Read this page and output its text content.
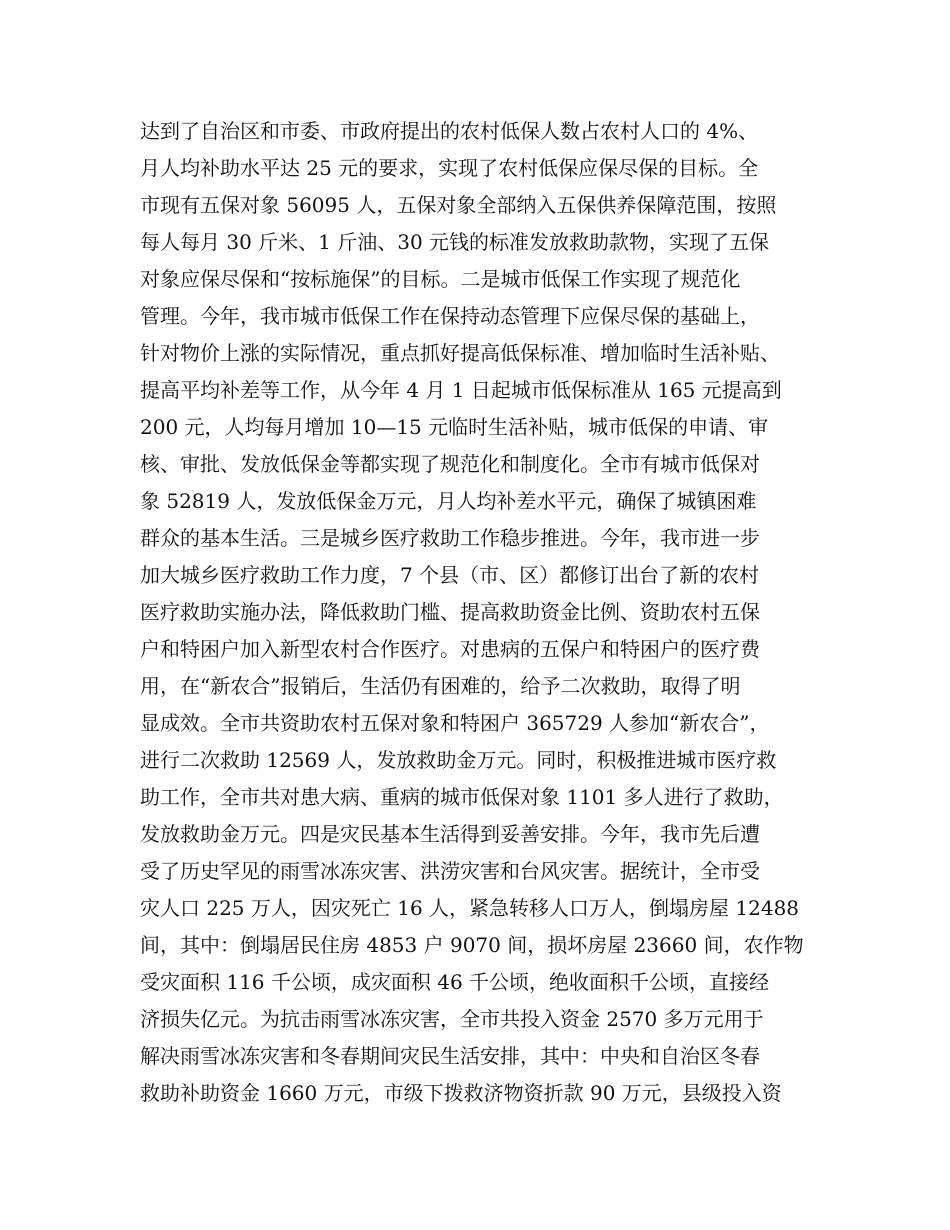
达到了自治区和市委、市政府提出的农村低保人数占农村人口的 4%、
月人均补助水平达 25 元的要求，实现了农村低保应保尽保的目标。全
市现有五保对象 56095 人，五保对象全部纳入五保供养保障范围，按照
每人每月 30 斤米、1 斤油、30 元钱的标准发放救助款物，实现了五保
对象应保尽保和“按标施保”的目标。二是城市低保工作实现了规范化
管理。今年，我市城市低保工作在保持动态管理下应保尽保的基础上，
针对物价上涨的实际情况，重点抓好提高低保标准、增加临时生活补贴、
提高平均补差等工作，从今年 4 月 1 日起城市低保标准从 165 元提高到
200 元，人均每月增加 10—15 元临时生活补贴，城市低保的申请、审
核、审批、发放低保金等都实现了规范化和制度化。全市有城市低保对
象 52819 人，发放低保金万元，月人均补差水平元，确保了城镇困难
群众的基本生活。三是城乡医疗救助工作稳步推进。今年，我市进一步
加大城乡医疗救助工作力度，7 个县（市、区）都修订出台了新的农村
医疗救助实施办法，降低救助门槛、提高救助资金比例、资助农村五保
户和特困户加入新型农村合作医疗。对患病的五保户和特困户的医疗费
用，在“新农合”报销后，生活仍有困难的，给予二次救助，取得了明
显成效。全市共资助农村五保对象和特困户 365729 人参加“新农合”，
进行二次救助 12569 人，发放救助金万元。同时，积极推进城市医疗救
助工作，全市共对患大病、重病的城市低保对象 1101 多人进行了救助，
发放救助金万元。四是灾民基本生活得到妥善安排。今年，我市先后遭
受了历史罕见的雨雪冰冻灾害、洪涝灾害和台风灾害。据统计，全市受
灾人口 225 万人，因灾死亡 16 人，紧急转移人口万人，倒塌房屋 12488
间，其中：倒塌居民住房 4853 户 9070 间，损坏房屋 23660 间，农作物
受灾面积 116 千公顷，成灾面积 46 千公顷，绝收面积千公顷，直接经
济损失亿元。为抗击雨雪冰冻灾害，全市共投入资金 2570 多万元用于
解决雨雪冰冻灾害和冬春期间灾民生活安排，其中：中央和自治区冬春
救助补助资金 1660 万元，市级下拨救济物资折款 90 万元，县级投入资
